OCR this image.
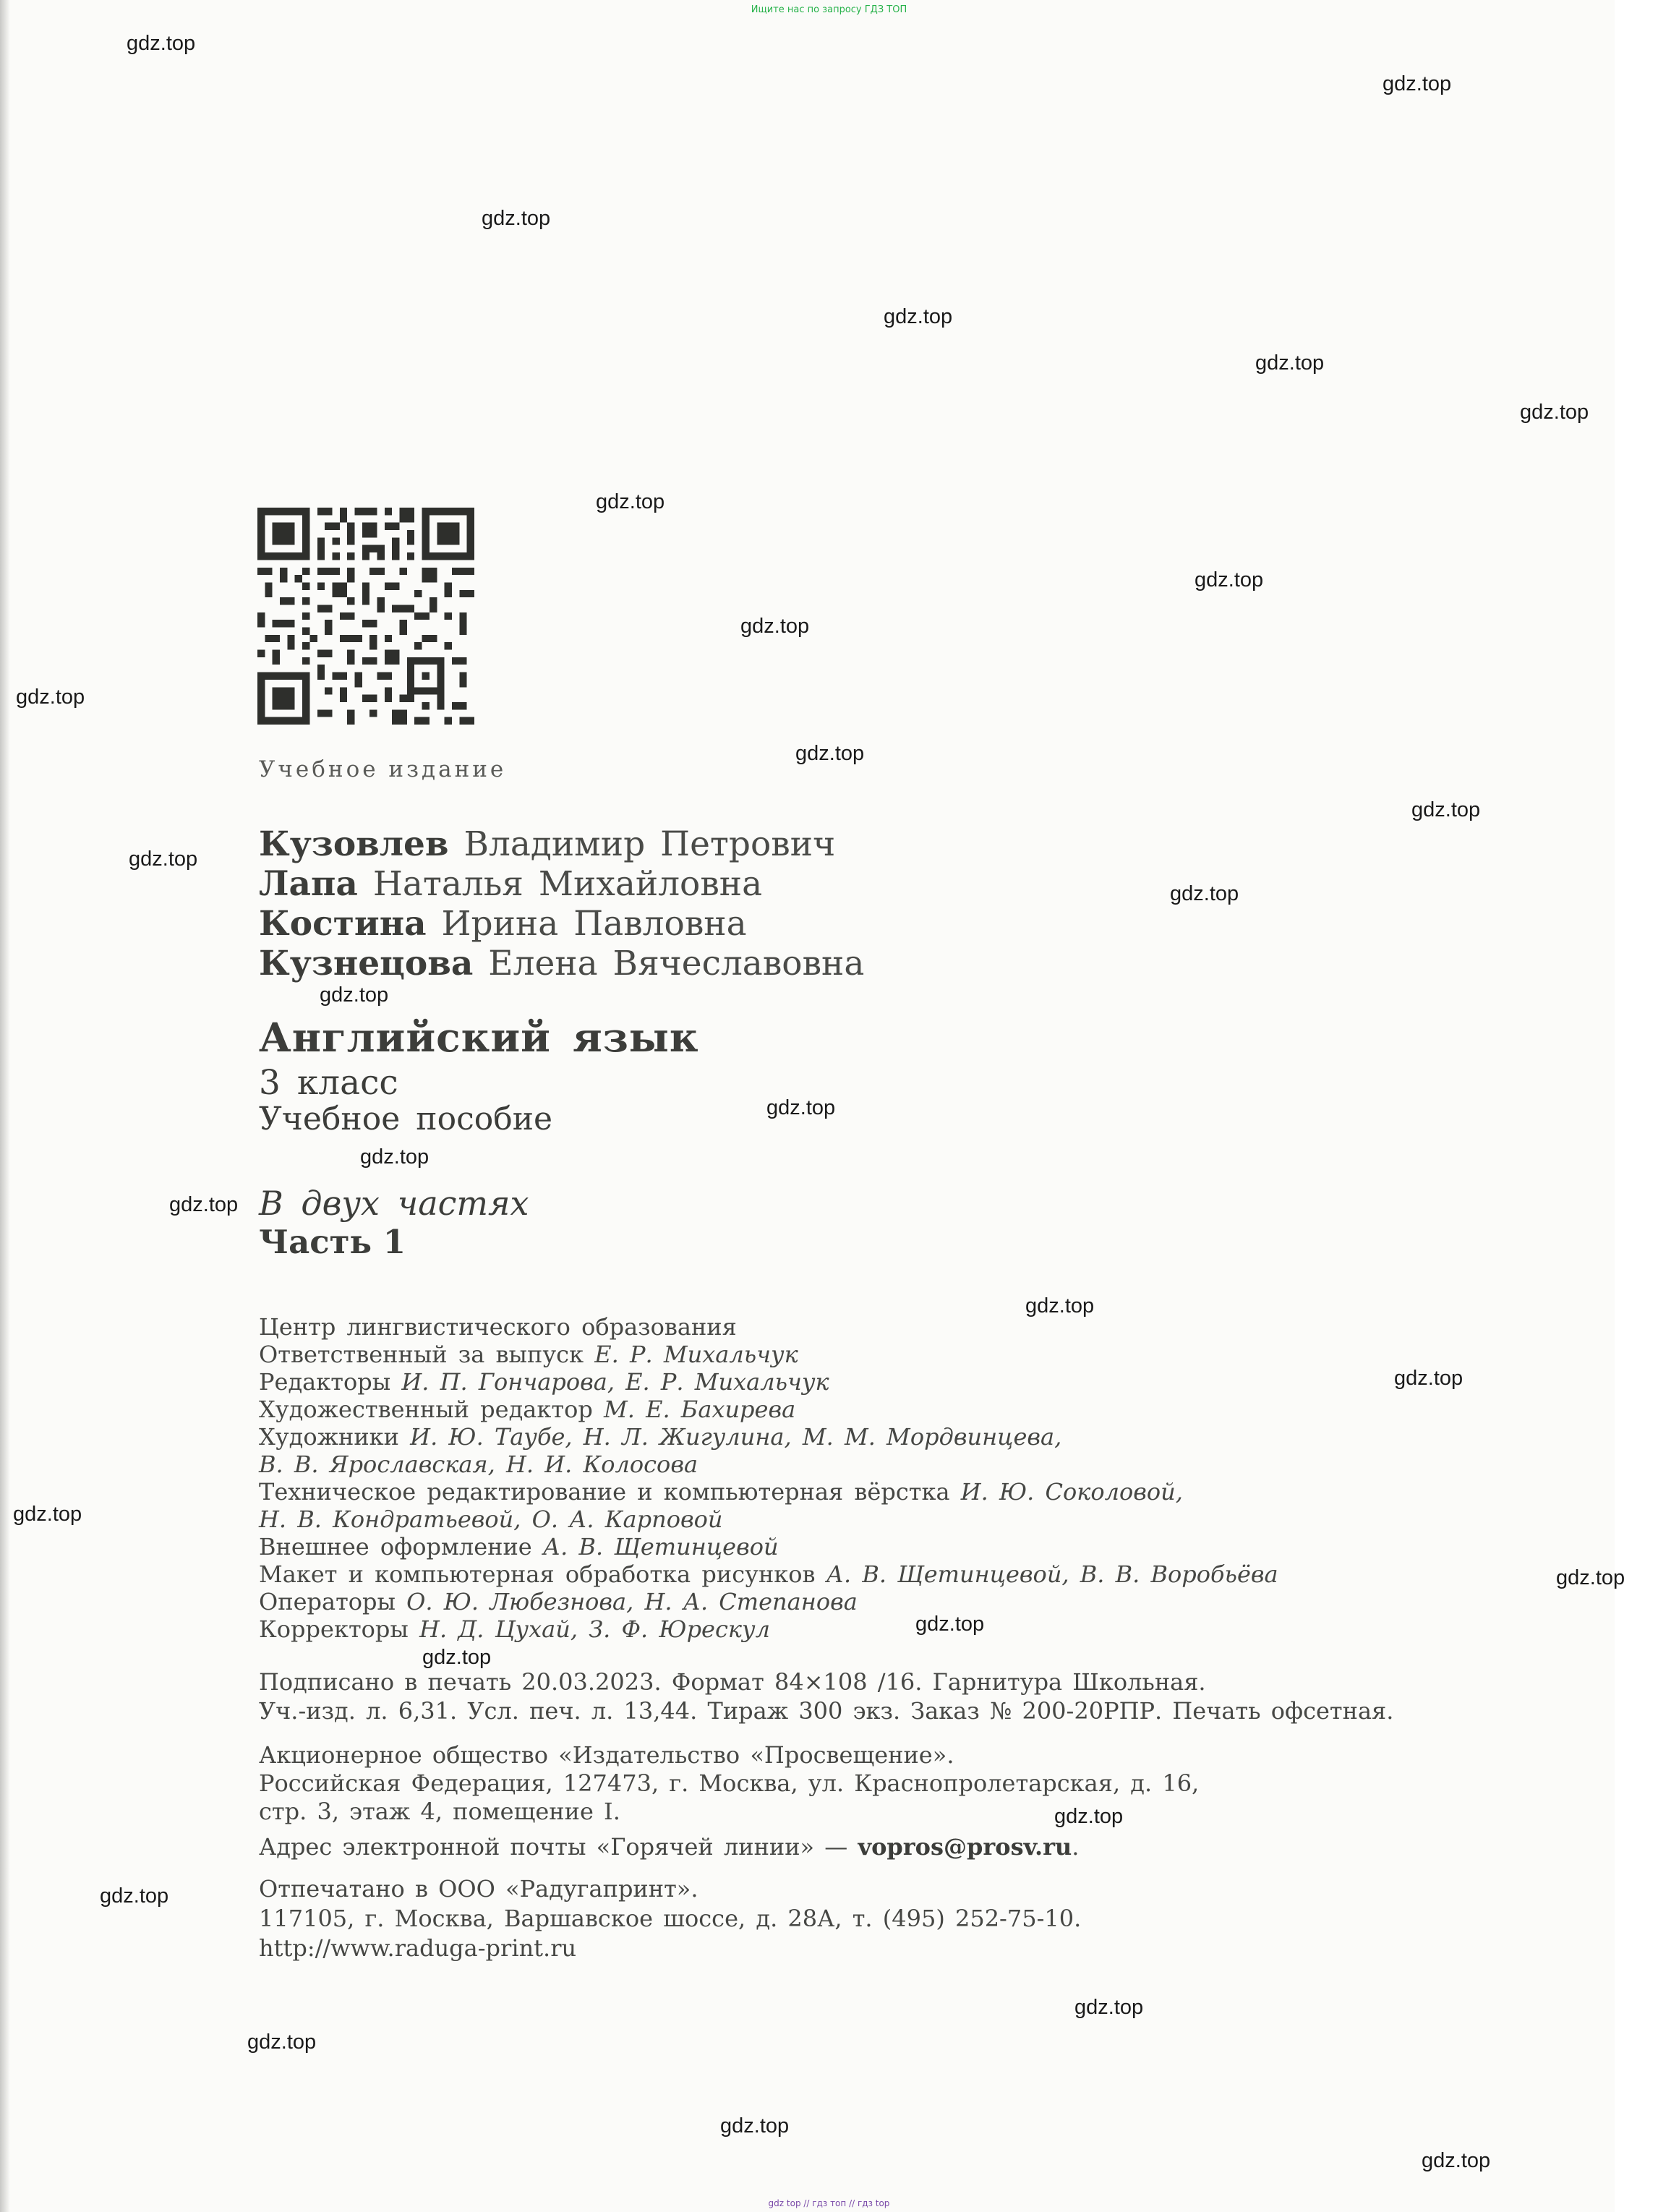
Ищите нас по запросу ГДЗ ТОП
gdz.top
gdz.top
gdz.top
gdz.top
gdz.top
gdz.top
gdz.top
gdz.top
gdz.top
gdz.top
gdz.top
gdz.top
gdz.top
gdz.top
gdz.top
gdz.top
gdz.top
gdz.top
gdz.top
gdz.top
gdz.top
gdz.top
gdz.top
gdz.top
gdz.top
gdz.top
gdz.top
gdz.top
gdz.top
gdz.top
Учебное издание
Кузовлев Владимир Петрович
Лапа Наталья Михайловна
Костина Ирина Павловна
Кузнецова Елена Вячеславовна
Английский язык
3 класс
Учебное пособие
В двух частях
Часть 1
Центр лингвистического образования
Ответственный за выпуск Е. Р. Михальчук
Редакторы И. П. Гончарова, Е. Р. Михальчук
Художественный редактор М. Е. Бахирева
Художники И. Ю. Таубе, Н. Л. Жигулина, М. М. Мордвинцева,
В. В. Ярославская, Н. И. Колосова
Техническое редактирование и компьютерная вёрстка И. Ю. Соколовой,
Н. В. Кондратьевой, О. А. Карповой
Внешнее оформление А. В. Щетинцевой
Макет и компьютерная обработка рисунков А. В. Щетинцевой, В. В. Воробьёва
Операторы О. Ю. Любезнова, Н. А. Степанова
Корректоры Н. Д. Цухай, З. Ф. Юрескул
Подписано в печать 20.03.2023. Формат 84×108 /16. Гарнитура Школьная.
Уч.-изд. л. 6,31. Усл. печ. л. 13,44. Тираж 300 экз. Заказ № 200-20РПР. Печать офсетная.
Акционерное общество «Издательство «Просвещение».
Российская Федерация, 127473, г. Москва, ул. Краснопролетарская, д. 16,
стр. 3, этаж 4, помещение I.
Адрес электронной почты «Горячей линии» — vopros@prosv.ru.
Отпечатано в ООО «Радугапринт».
117105, г. Москва, Варшавское шоссе, д. 28А, т. (495) 252-75-10.
http://www.raduga-print.ru
gdz top // гдз топ // гдз top
